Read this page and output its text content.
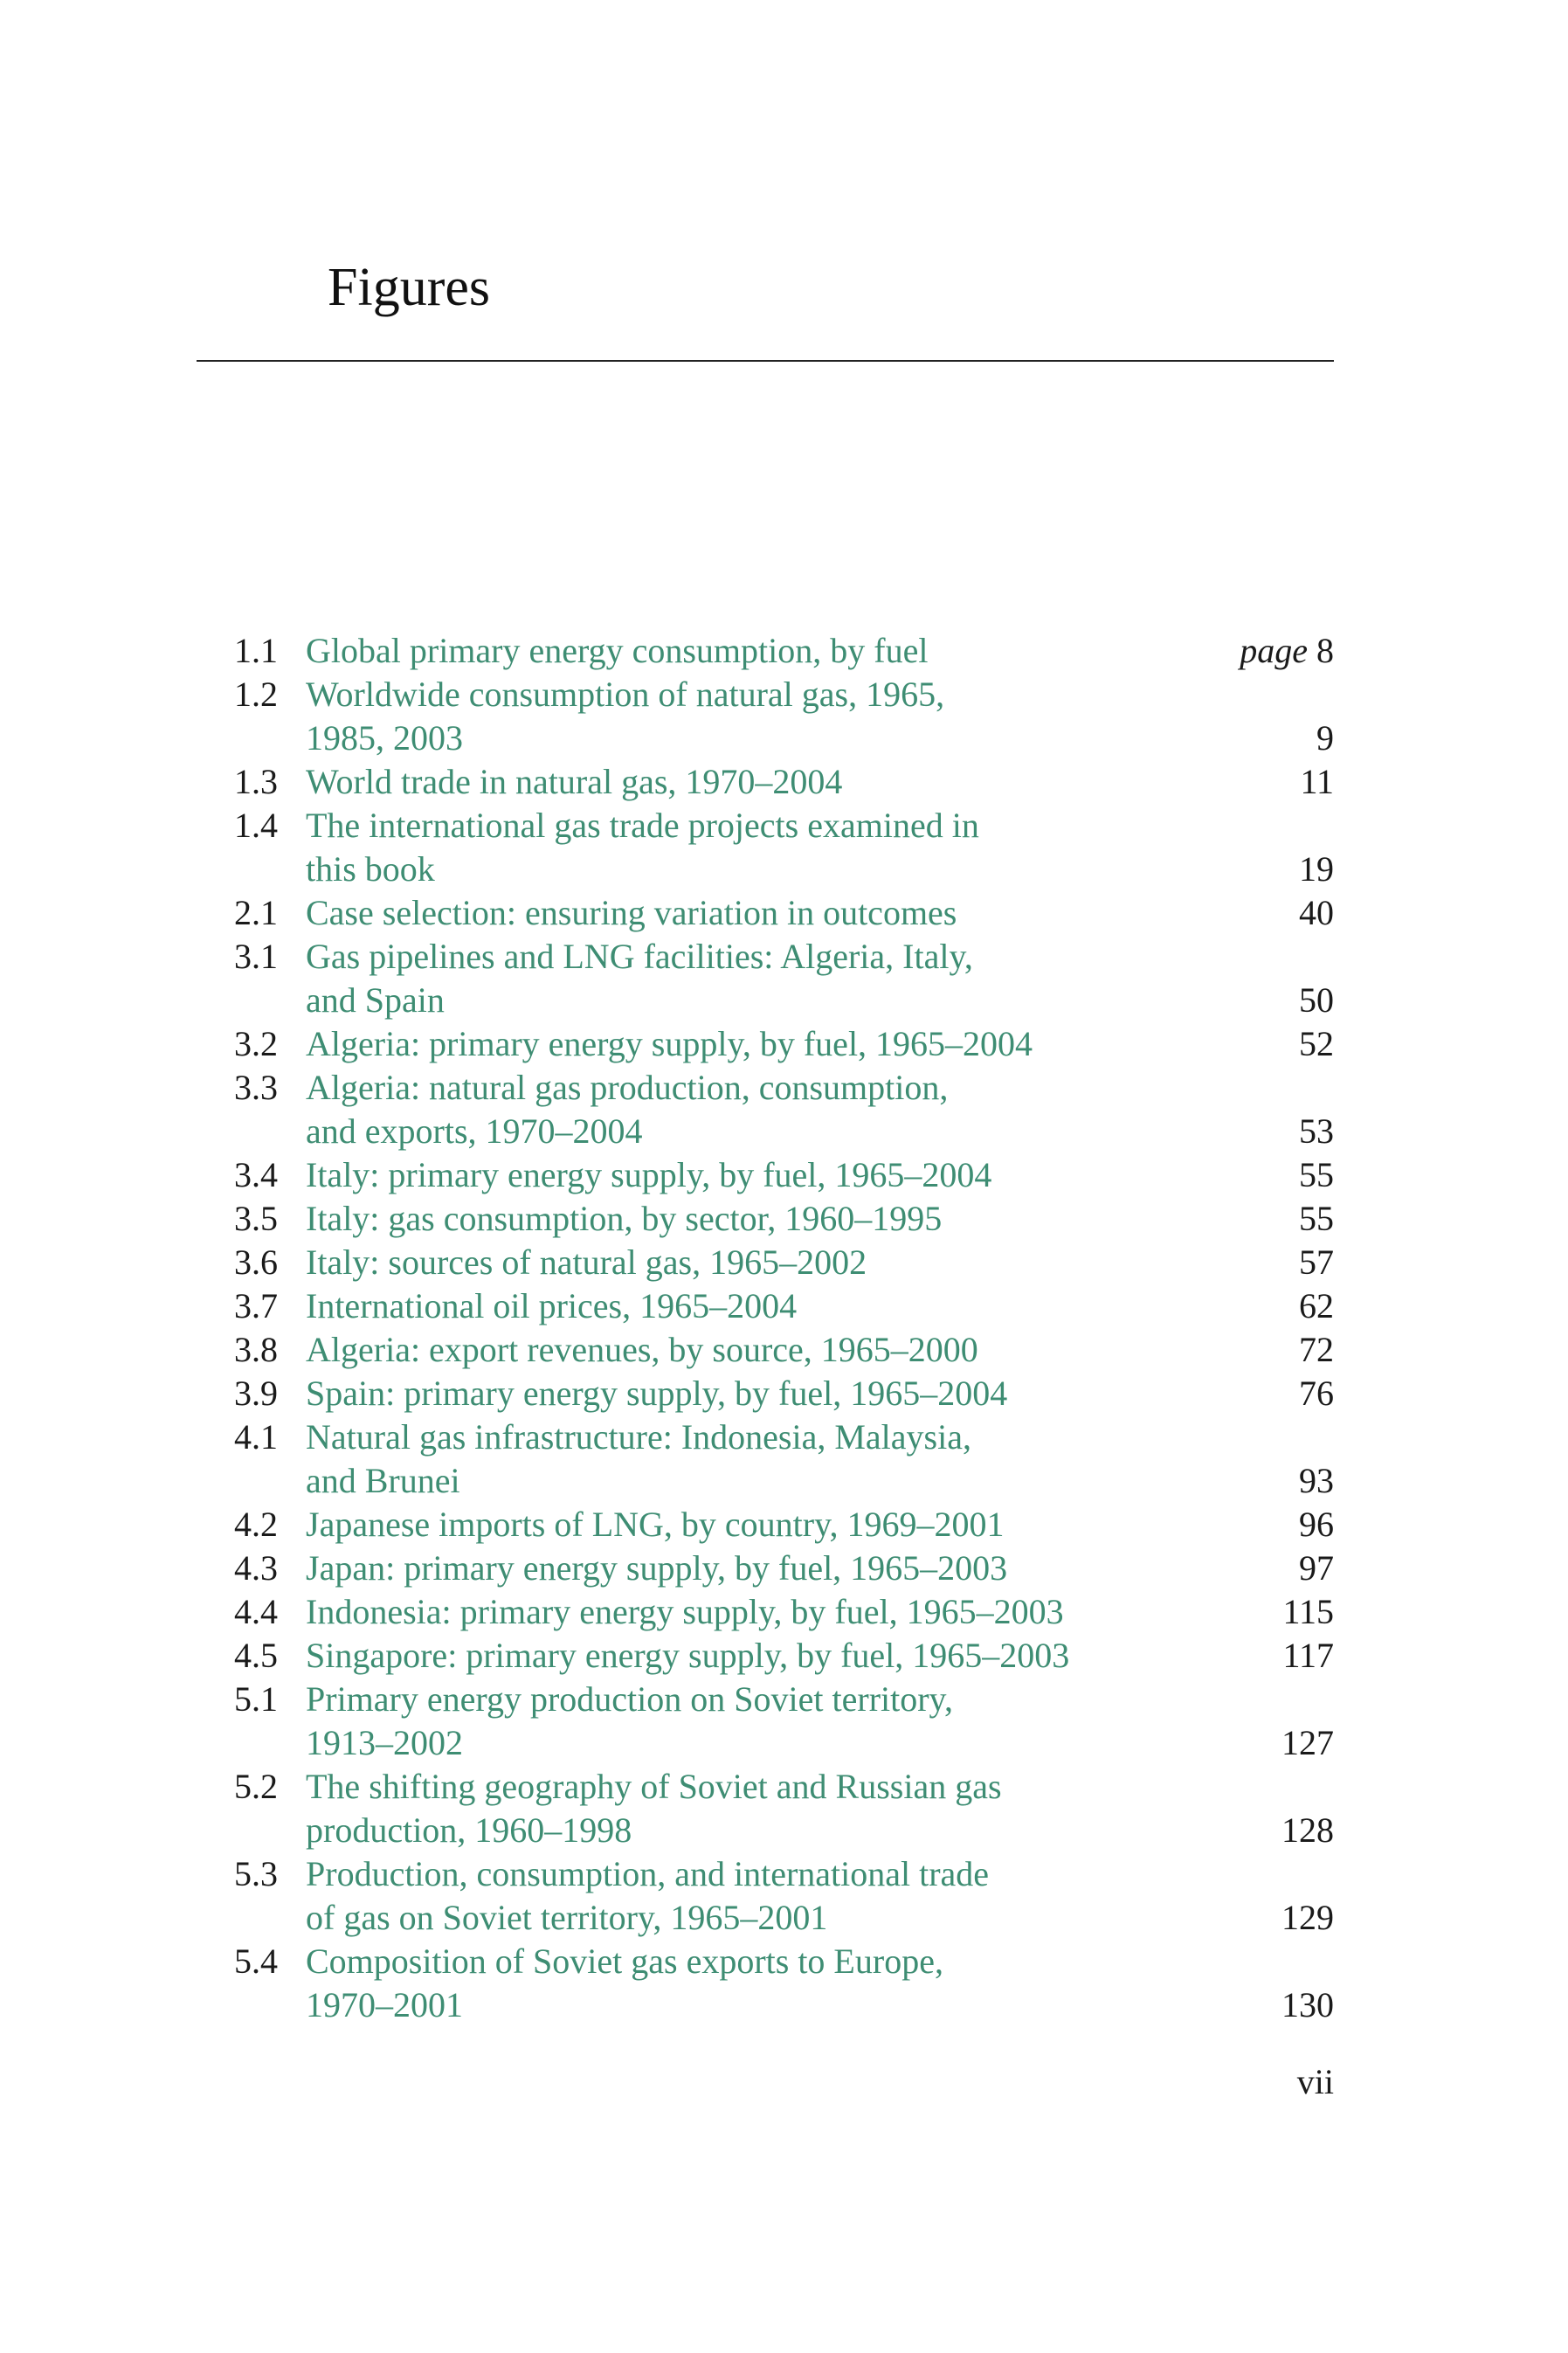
Figures
1.1 Global primary energy consumption, by fuel	page 8
1.2 Worldwide consumption of natural gas, 1965,
1985, 2003	9
1.3 World trade in natural gas, 1970–2004	11
1.4 The international gas trade projects examined in
this book	19
2.1 Case selection: ensuring variation in outcomes	40
3.1 Gas pipelines and LNG facilities: Algeria, Italy,
and Spain	50
3.2 Algeria: primary energy supply, by fuel, 1965–2004	52
3.3 Algeria: natural gas production, consumption,
and exports, 1970–2004	53
3.4 Italy: primary energy supply, by fuel, 1965–2004	55
3.5 Italy: gas consumption, by sector, 1960–1995	55
3.6 Italy: sources of natural gas, 1965–2002	57
3.7 International oil prices, 1965–2004	62
3.8 Algeria: export revenues, by source, 1965–2000	72
3.9 Spain: primary energy supply, by fuel, 1965–2004	76
4.1 Natural gas infrastructure: Indonesia, Malaysia,
and Brunei	93
4.2 Japanese imports of LNG, by country, 1969–2001	96
4.3 Japan: primary energy supply, by fuel, 1965–2003	97
4.4 Indonesia: primary energy supply, by fuel, 1965–2003	115
4.5 Singapore: primary energy supply, by fuel, 1965–2003	117
5.1 Primary energy production on Soviet territory,
1913–2002	127
5.2 The shifting geography of Soviet and Russian gas
production, 1960–1998	128
5.3 Production, consumption, and international trade
of gas on Soviet territory, 1965–2001	129
5.4 Composition of Soviet gas exports to Europe,
1970–2001	130
vii
